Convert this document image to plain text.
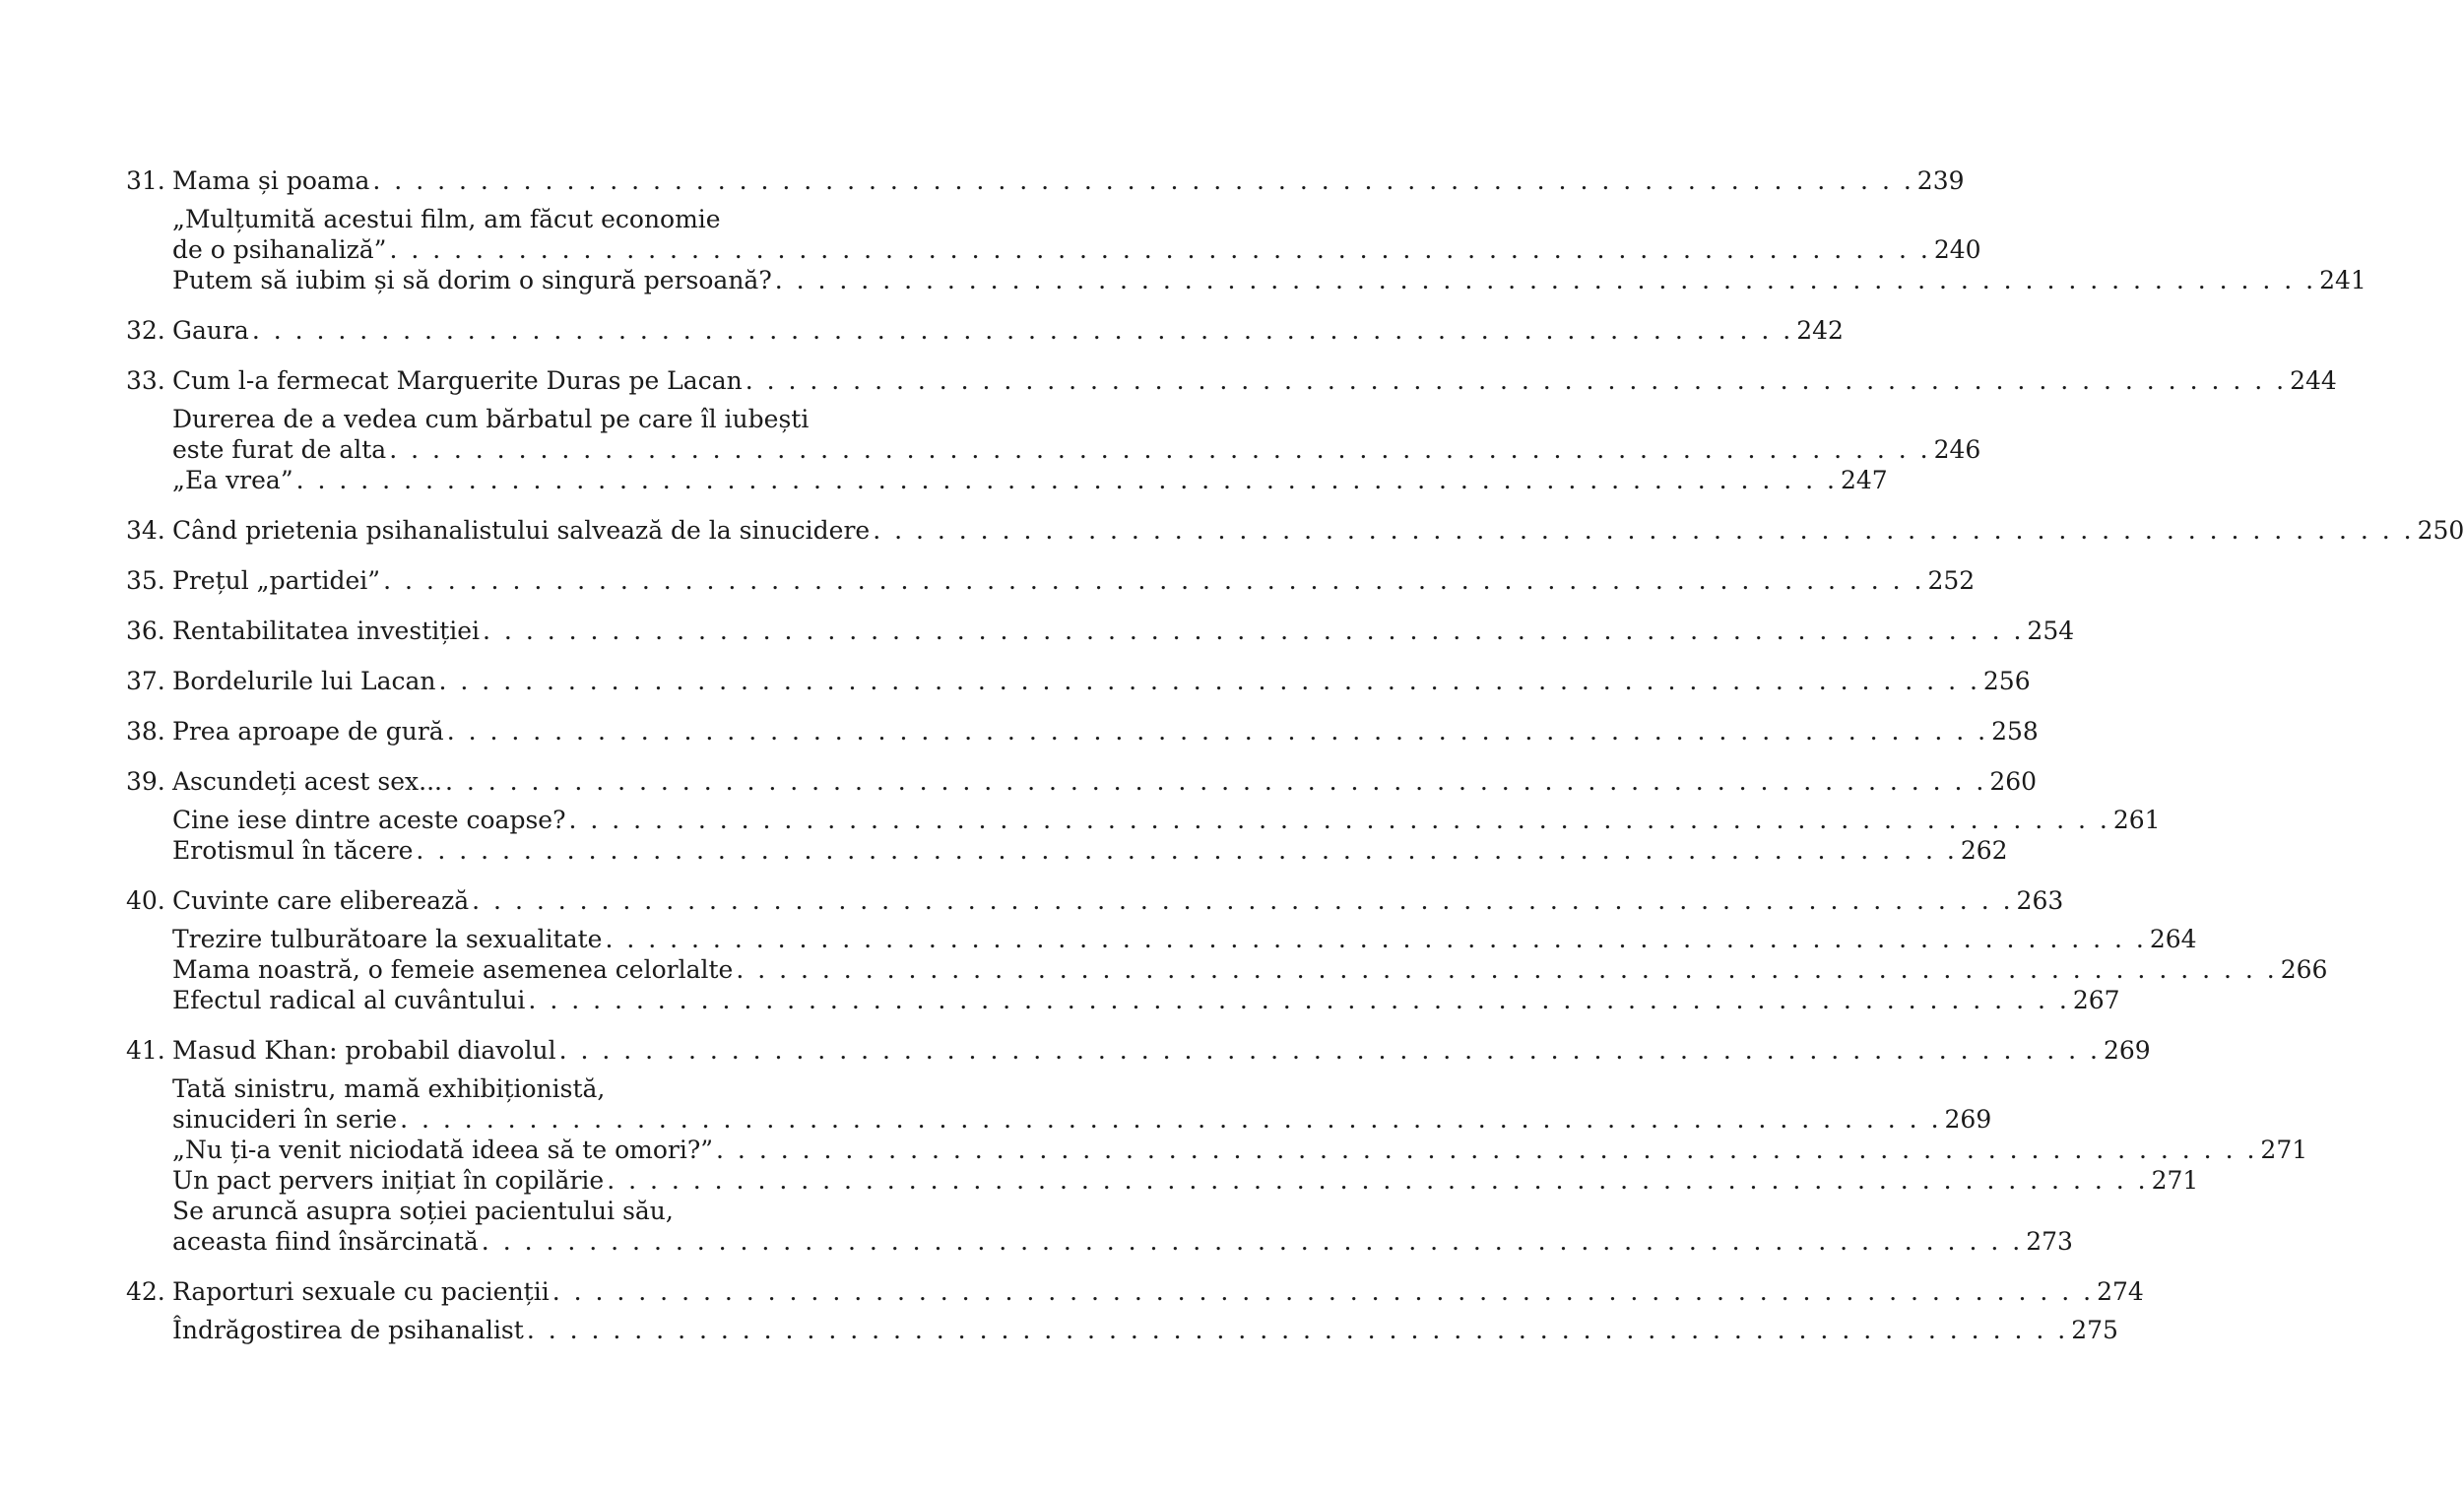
31. Mama și poama . . .	239
„Mulțumită acestui film, am făcut economie
de o psihanaliză” . . .	240
Putem să iubim și să dorim o singură persoană? . . .	241
32. Gaura . . .	242
33. Cum l-a fermecat Marguerite Duras pe Lacan . . .	244
Durerea de a vedea cum bărbatul pe care îl iubești
este furat de alta . . .	246
„Ea vrea” . . .	247
34. Când prietenia psihanalistului salvează de la sinucidere . . .	250
35. Prețul „partidei” . . .	252
36. Rentabilitatea investiției . . .	254
37. Bordelurile lui Lacan . . .	256
38. Prea aproape de gură . . .	258
39. Ascundeți acest sex... . . .	260
Cine iese dintre aceste coapse? . . .	261
Erotismul în tăcere . . .	262
40. Cuvinte care eliberează . . .	263
Trezire tulburătoare la sexualitate . . .	264
Mama noastră, o femeie asemenea celorlalte . . .	266
Efectul radical al cuvântului . . .	267
41. Masud Khan: probabil diavolul . . .	269
Tată sinistru, mamă exhibiționistă,
sinucideri în serie . . .	269
„Nu ți-a venit niciodată ideea să te omori?” . . .	271
Un pact pervers inițiat în copilărie . . .	271
Se aruncă asupra soției pacientului său,
aceasta fiind însărcinată . . .	273
42. Raporturi sexuale cu pacienții . . .	274
Îndrăgostirea de psihanalist . . .	275
